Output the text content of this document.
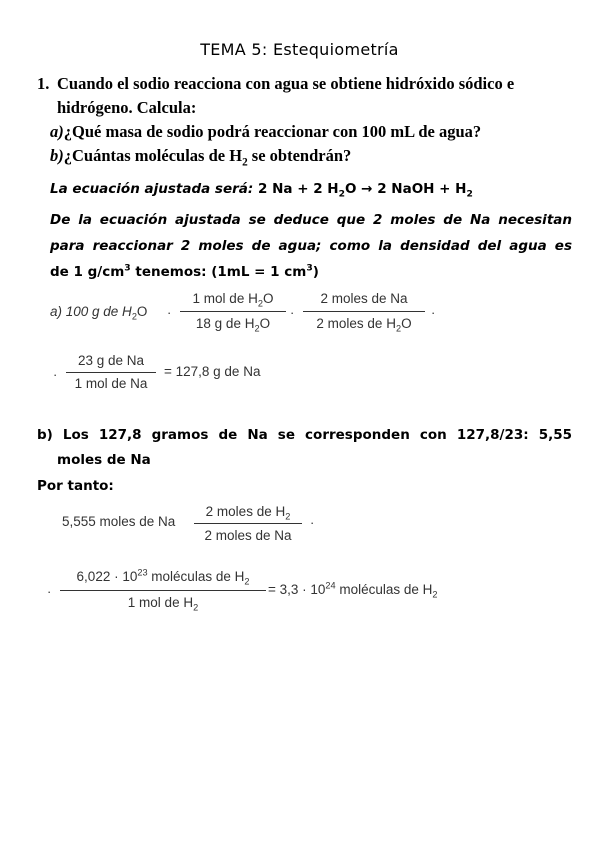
TEMA 5: Estequiometría
1. Cuando el sodio reacciona con agua se obtiene hidróxido sódico e
hidrógeno. Calcula:
a)¿Qué masa de sodio podrá reaccionar con 100 mL de agua?
b)¿Cuántas moléculas de $H_2$ se obtendrán?
La ecuación ajustada será: 2 Na + 2 $H_2O \to 2$ NaOH + $H_2$
De la ecuación ajustada se deduce que 2 moles de Na necesitan
para reaccionar 2 moles de agua; como la densidad del agua es
de 1 $g/cm^3$ tenemos: (1mL = 1 $cm^3$)
a) 100 g de $H_2O$ ·
1 mol de $H_2O$
18 g de $H_2O$
·
2 moles de Na
2 moles de $H_2O$
·
·
23 g de Na
1 mol de Na
= 127,8 g de Na
b) Los 127,8 gramos de Na se corresponden con 127,8/23: 5,55
moles de Na
Por tanto:
5,555 moles de Na
2 moles de $H_2$
2 moles de Na
·
·
$6,022 \cdot 10^{23}$ moléculas de $H_2$
1 mol de $H_2$
= $3,3 \cdot 10^{24}$ moléculas de $H_2$
